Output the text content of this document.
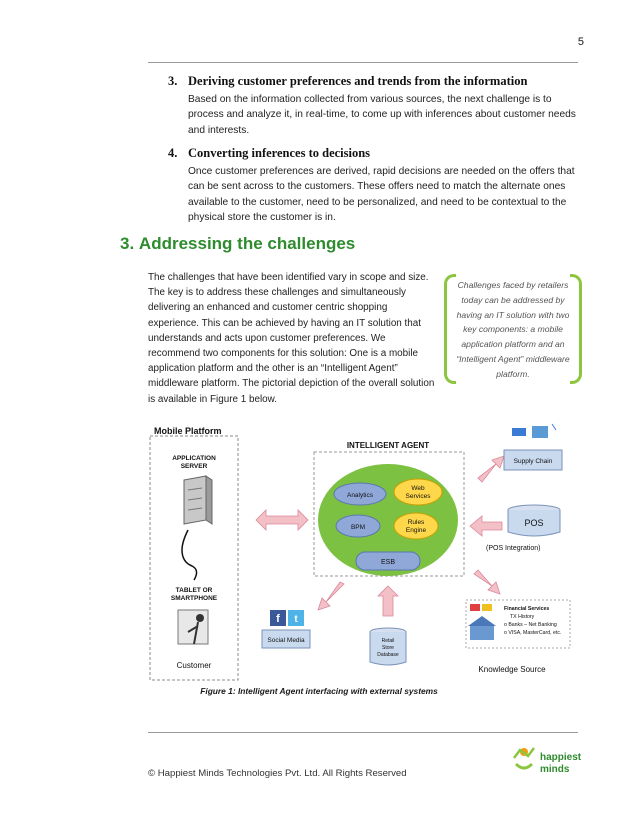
5
3. Deriving customer preferences and trends from the information
Based on the information collected from various sources, the next challenge is to process and analyze it, in real-time, to come up with inferences about customer needs and interests.
4. Converting inferences to decisions
Once customer preferences are derived, rapid decisions are needed on the offers that can be sent across to the customers. These offers need to match the alternate ones available to the customer, need to be personalized, and need to be contextual to the physical store the customer is in.
3. Addressing the challenges
The challenges that have been identified vary in scope and size. The key is to address these challenges and simultaneously delivering an enhanced and customer centric shopping experience. This can be achieved by having an IT solution that understands and acts upon customer preferences. We recommend two components for this solution: One is a mobile application platform and the other is an “Intelligent Agent” middleware platform. The pictorial depiction of the overall solution is available in Figure 1 below.
Challenges faced by retailers today can be addressed by having an IT solution with two key components: a mobile application platform and an “Intelligent Agent” middleware platform.
Mobile Platform
APPLICATION
SERVER
TABLET OR
SMARTPHONE
Customer
INTELLIGENT AGENT
Analytics
Web
Services
BPM
Rules
Engine
ESB
Supply Chain
POS
(POS Integration)
f t
Social Media	Retail
Store
Database
Financial Services
TX History
o Banks – Net Banking
o VISA, MasterCard, etc.
Knowledge Source
Figure 1: Intelligent Agent interfacing with external systems
© Happiest Minds Technologies Pvt. Ltd. All Rights Reserved
happiest
minds
